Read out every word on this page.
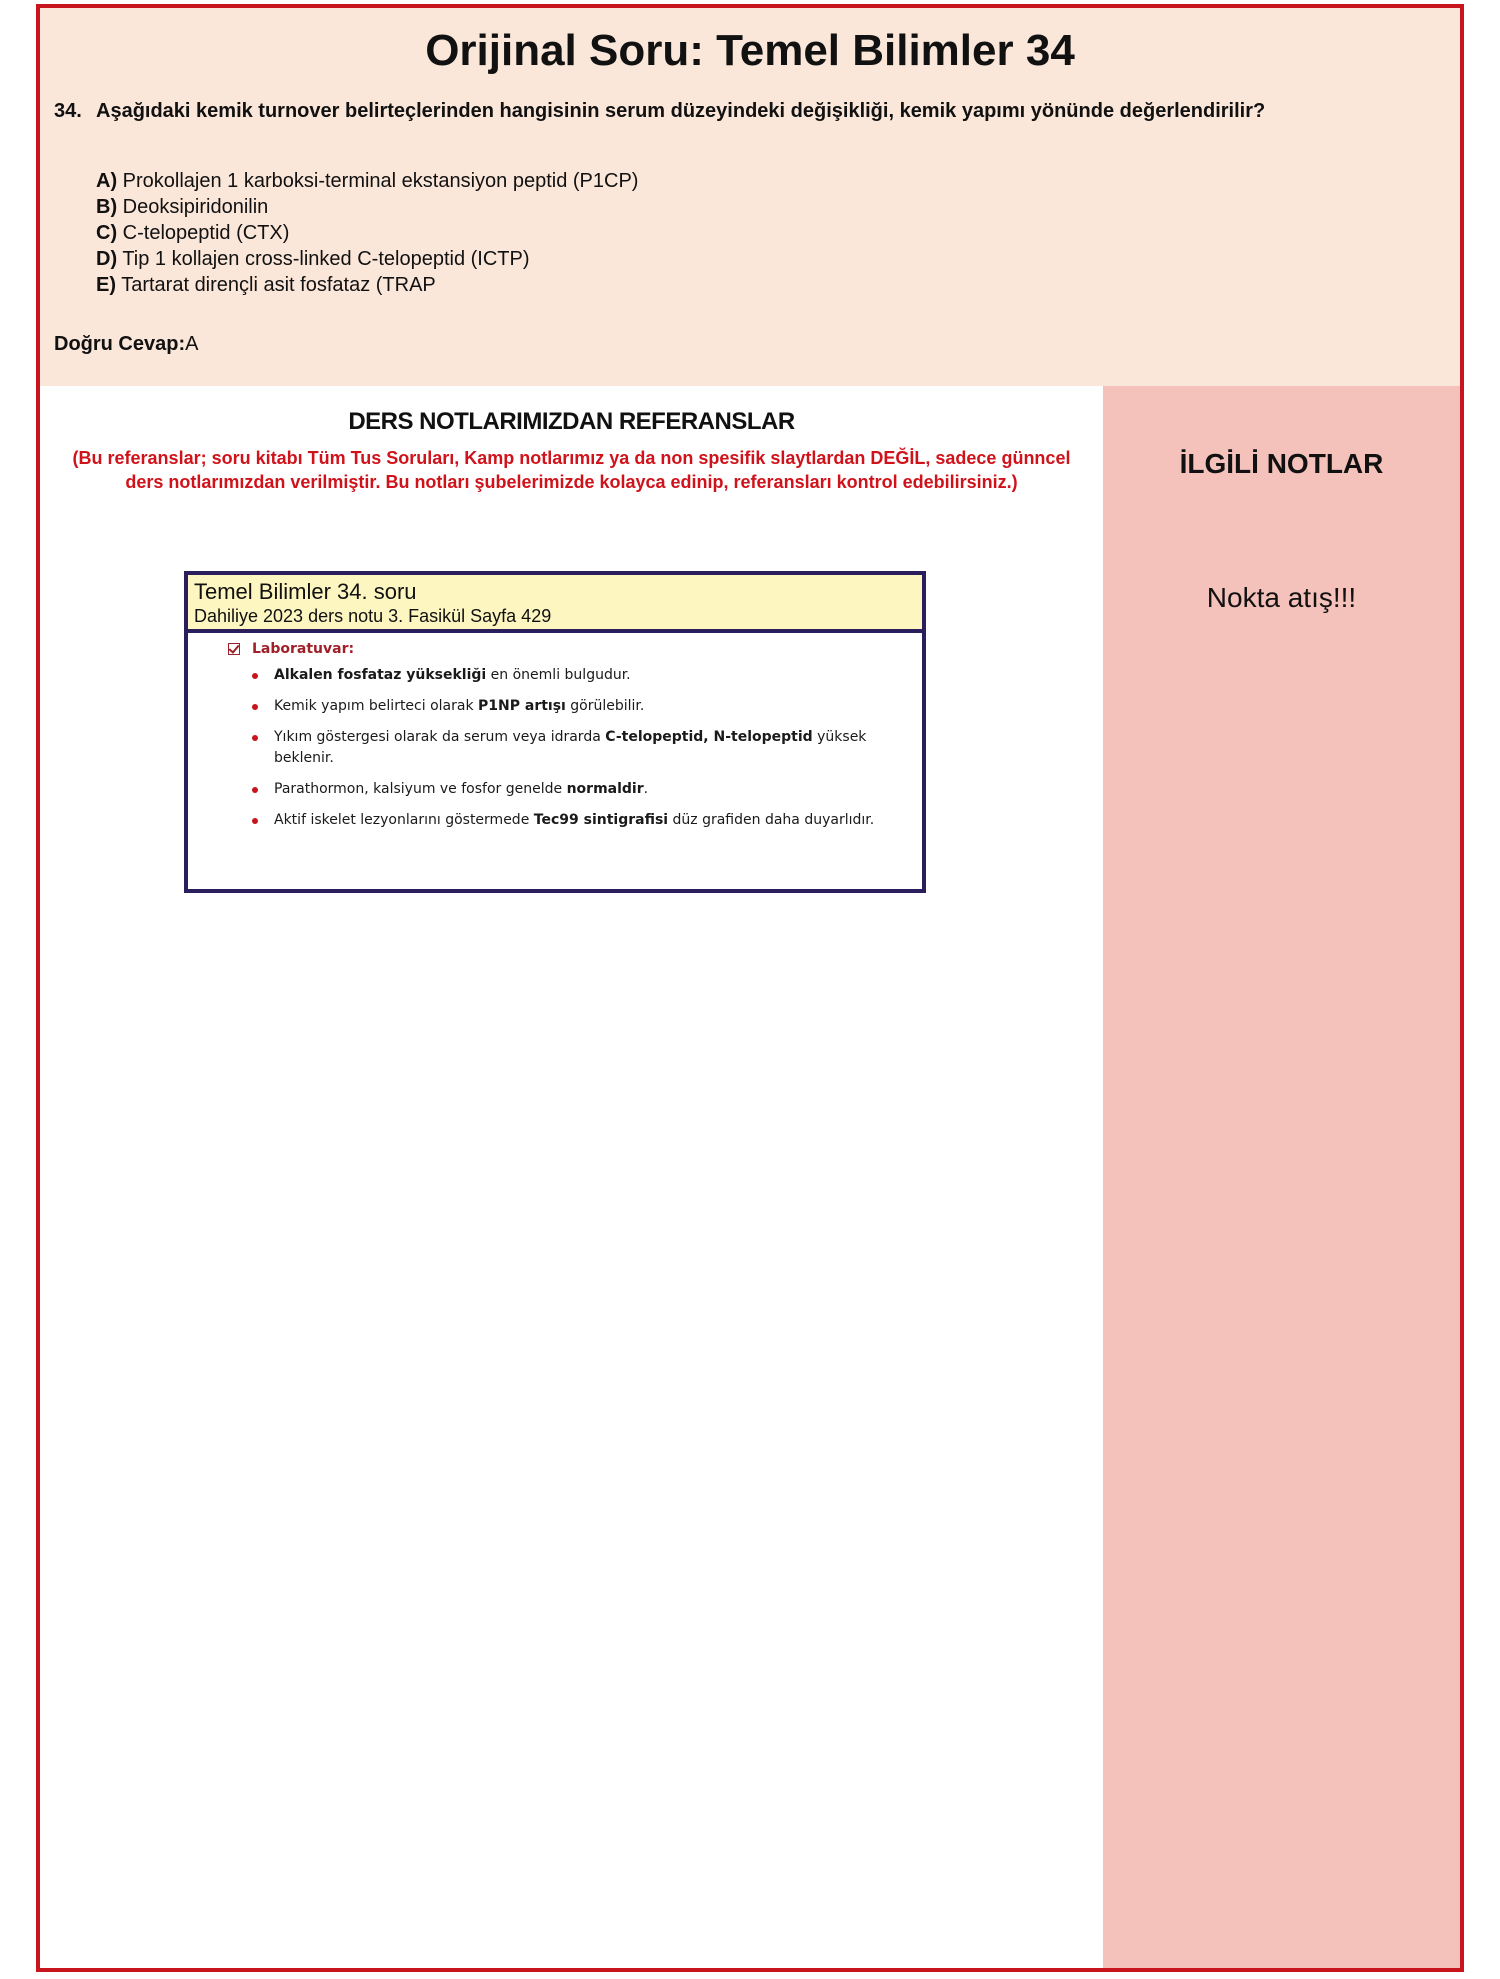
Orijinal Soru: Temel Bilimler 34
34. Aşağıdaki kemik turnover belirteçlerinden hangisinin serum düzeyindeki değişikliği, kemik yapımı yönünde değerlendirilir?
A) Prokollajen 1 karboksi-terminal ekstansiyon peptid (P1CP)
B) Deoksipiridonilin
C) C-telopeptid (CTX)
D) Tip 1 kollajen cross-linked C-telopeptid (ICTP)
E) Tartarat dirençli asit fosfataz (TRAP
Doğru Cevap:A
DERS NOTLARIMIZDAN REFERANSLAR
(Bu referanslar; soru kitabı Tüm Tus Soruları, Kamp notlarımız ya da non spesifik slaytlardan DEĞİL, sadece günncel ders notlarımızdan verilmiştir. Bu notları şubelerimizde kolayca edinip, referansları kontrol edebilirsiniz.)
Temel Bilimler 34. soru
Dahiliye 2023 ders notu 3. Fasikül Sayfa 429
Laboratuvar:
Alkalen fosfataz yüksekliği en önemli bulgudur.
Kemik yapım belirteci olarak P1NP artışı görülebilir.
Yıkım göstergesi olarak da serum veya idrarda C-telopeptid, N-telopeptid yüksek beklenir.
Parathormon, kalsiyum ve fosfor genelde normaldir.
Aktif iskelet lezyonlarını göstermede Tec99 sintigrafisi düz grafiden daha duyarlıdır.
İLGİLİ NOTLAR
Nokta atış!!!
